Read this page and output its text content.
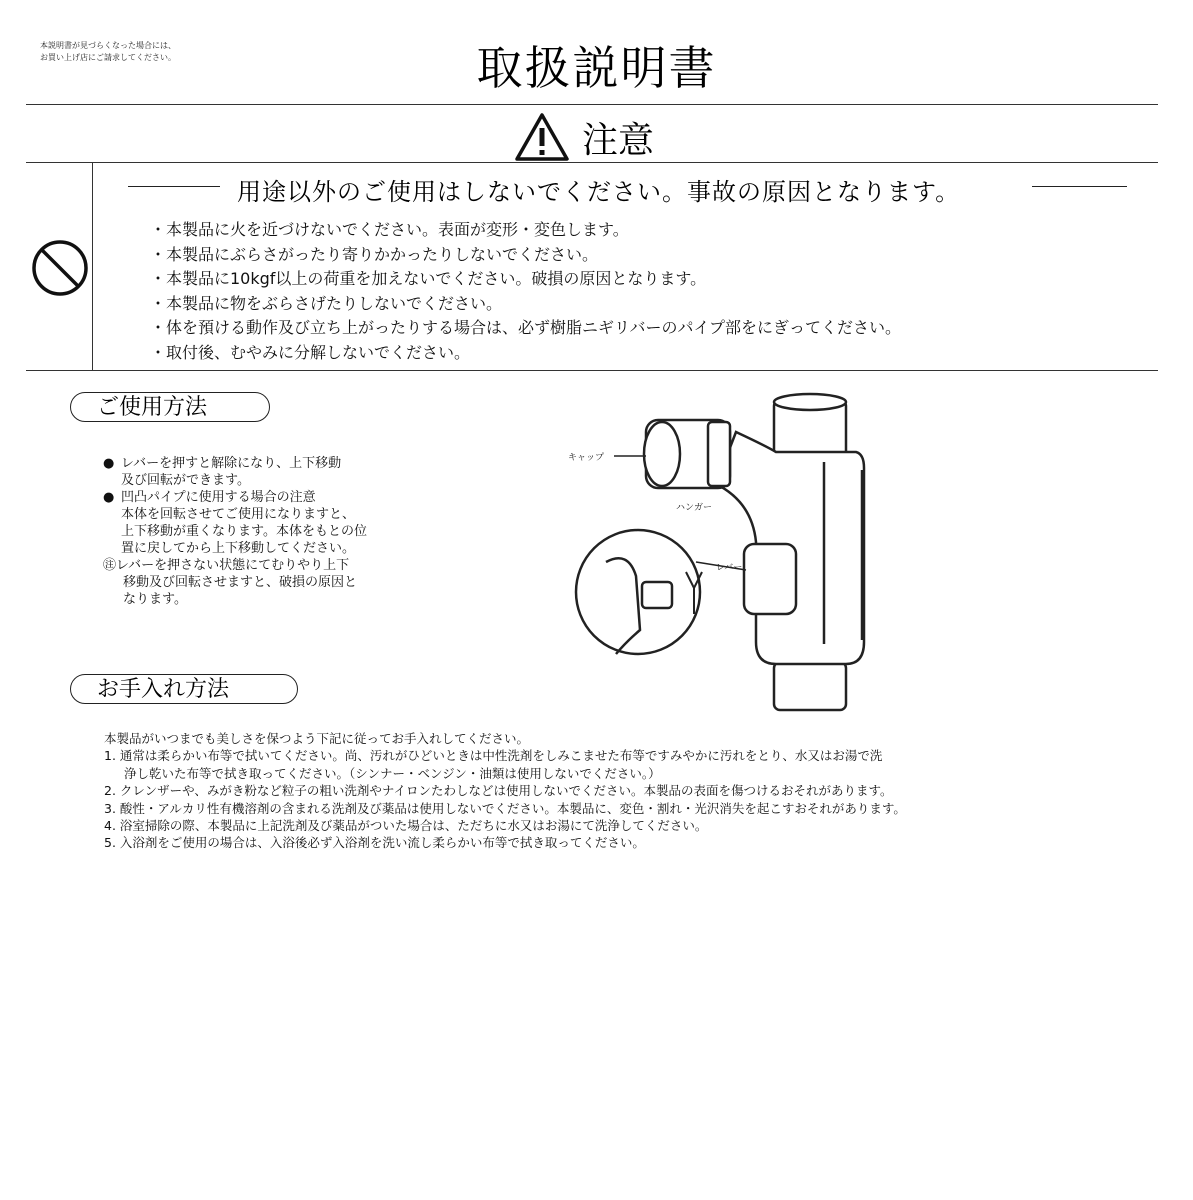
本説明書が見づらくなった場合には、
お買い上げ店にご請求してください。	取扱説明書
注意
用途以外のご使用はしないでください。事故の原因となります。
・本製品に火を近づけないでください。表面が変形・変色します。
・本製品にぶらさがったり寄りかかったりしないでください。
・本製品に10kgf以上の荷重を加えないでください。破損の原因となります。
・本製品に物をぶらさげたりしないでください。
・体を預ける動作及び立ち上がったりする場合は、必ず樹脂ニギリバーのパイプ部をにぎってください。
・取付後、むやみに分解しないでください。
ご使用方法
● レバーを押すと解除になり、上下移動

及び回転ができます。

● 凹凸パイプに使用する場合の注意

本体を回転させてご使用になりますと、

上下移動が重くなります。本体をもとの位

置に戻してから上下移動してください。

㊟レバーを押さない状態にてむりやり上下

移動及び回転させますと、破損の原因と

なります。

キャップ
ハンガー
レバー
お手入れ方法

本製品がいつまでも美しさを保つよう下記に従ってお手入れしてください。

1. 通常は柔らかい布等で拭いてください。尚、汚れがひどいときは中性洗剤をしみこませた布等ですみやかに汚れをとり、水又はお湯で洗

浄し乾いた布等で拭き取ってください。（シンナー・ベンジン・油類は使用しないでください。）

2. クレンザーや、みがき粉など粒子の粗い洗剤やナイロンたわしなどは使用しないでください。本製品の表面を傷つけるおそれがあります。

3. 酸性・アルカリ性有機溶剤の含まれる洗剤及び薬品は使用しないでください。本製品に、変色・割れ・光沢消失を起こすおそれがあります。

4. 浴室掃除の際、本製品に上記洗剤及び薬品がついた場合は、ただちに水又はお湯にて洗浄してください。

5. 入浴剤をご使用の場合は、入浴後必ず入浴剤を洗い流し柔らかい布等で拭き取ってください。
